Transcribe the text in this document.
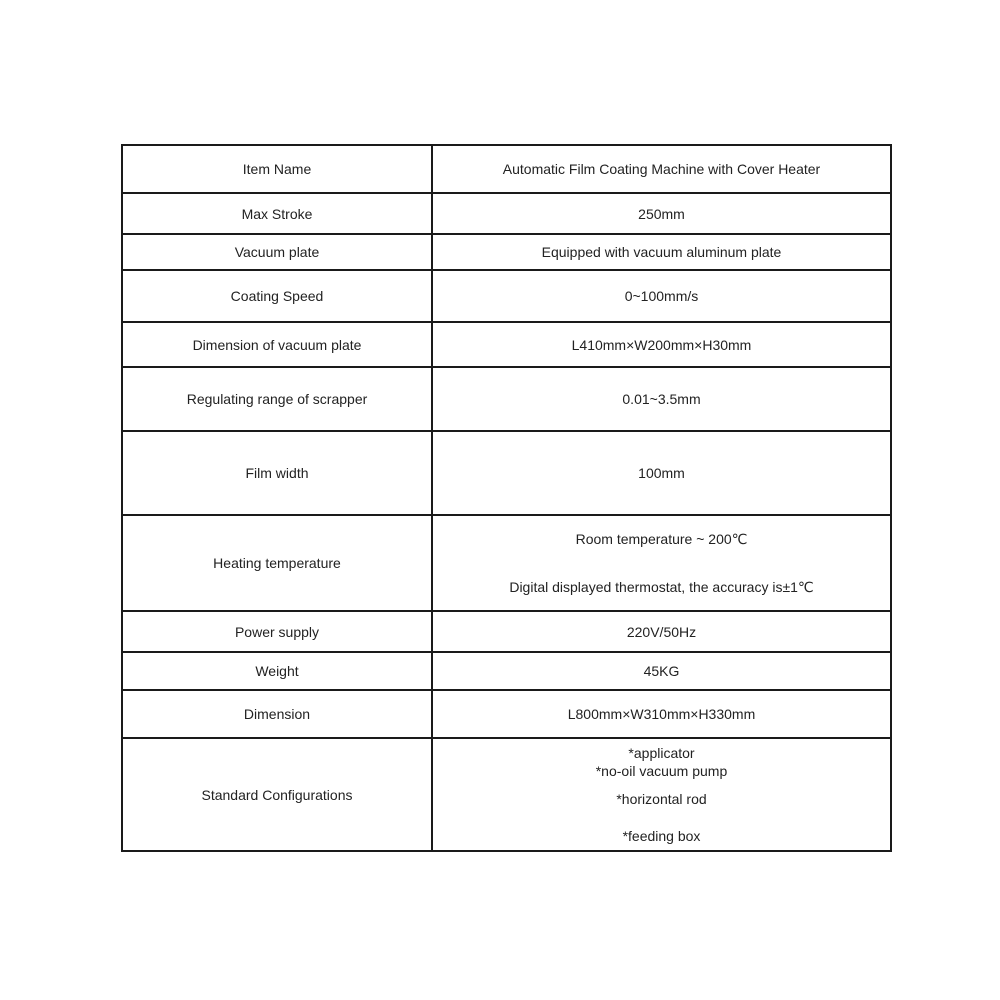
Item Name	Automatic Film Coating Machine with Cover Heater
Max Stroke	250mm
Vacuum plate	Equipped with vacuum aluminum plate
Coating Speed	0~100mm/s
Dimension of vacuum plate	L410mm×W200mm×H30mm
Regulating range of scrapper	0.01~3.5mm
Film width	100mm
Heating temperature	Room temperature ~ 200℃
Digital displayed thermostat, the accuracy is±1℃

Power supply	220V/50Hz
Weight	45KG
Dimension	L800mm×W310mm×H330mm
Standard Configurations	*applicator
*no-oil vacuum pump
*horizontal rod
*feeding box
